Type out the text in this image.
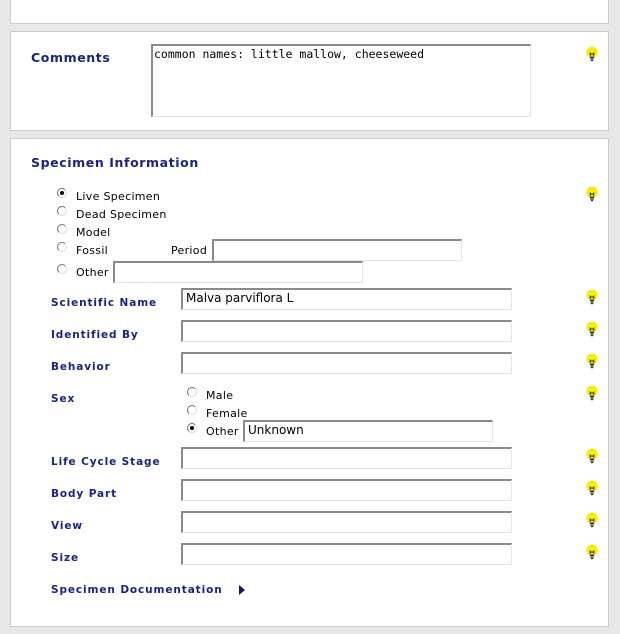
Comments	common names: little mallow, cheeseweed
Specimen Information
Live Specimen
Dead Specimen
Model
Fossil	Period
Other
Scientific Name	Malva parviflora L
Identified By
Behavior
Sex	Male
Female
Other Unknown
Life Cycle Stage
Body Part
View
Size
Specimen Documentation
